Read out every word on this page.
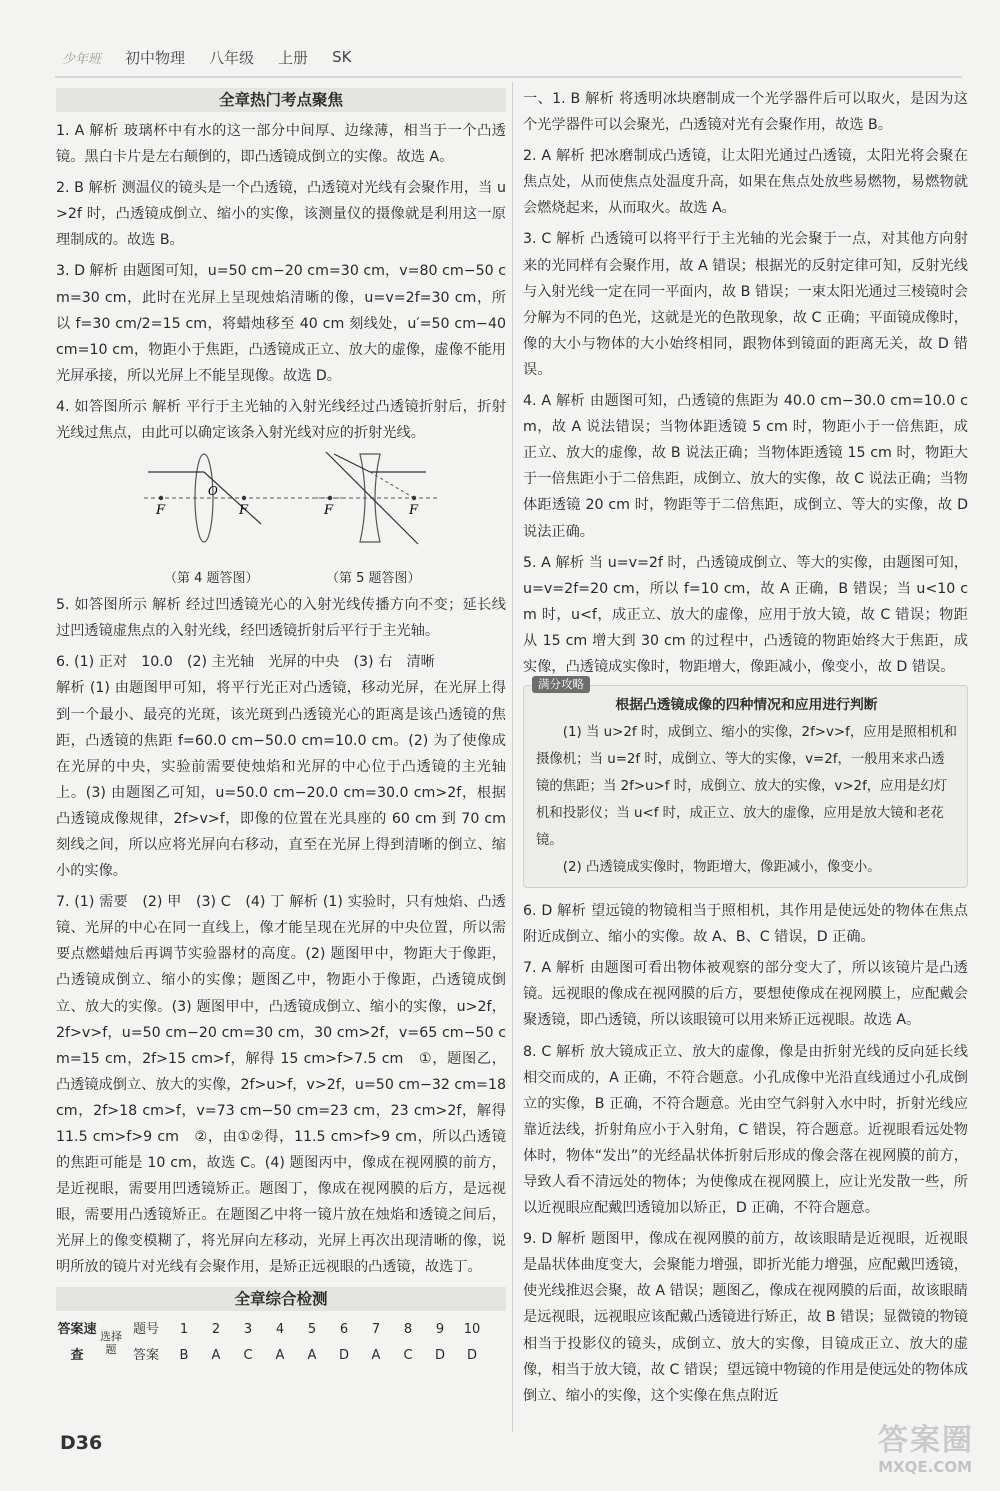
少年班 初中物理 八年级 上册 SK
全章热门考点聚焦

1. A 解析 玻璃杯中有水的这一部分中间厚、边缘薄，相当于一个凸透镜。黑白卡片是左右颠倒的，即凸透镜成倒立的实像。故选 A。

2. B 解析 测温仪的镜头是一个凸透镜，凸透镜对光线有会聚作用，当 u>2f 时，凸透镜成倒立、缩小的实像，该测量仪的摄像就是利用这一原理制成的。故选 B。

3. D 解析 由题图可知，u=50 cm−20 cm=30 cm，v=80 cm−50 cm=30 cm，此时在光屏上呈现烛焰清晰的像，u=v=2f=30 cm，所以 f=30 cm/2=15 cm，将蜡烛移至 40 cm 刻线处，u′=50 cm−40 cm=10 cm，物距小于焦距，凸透镜成正立、放大的虚像，虚像不能用光屏承接，所以光屏上不能呈现像。故选 D。

4. 如答图所示 解析 平行于主光轴的入射光线经过凸透镜折射后，折射光线过焦点，由此可以确定该条入射光线对应的折射光线。

F	F
O
F	F
（第 4 题答图）	（第 5 题答图）

5. 如答图所示 解析 经过凹透镜光心的入射光线传播方向不变；延长线过凹透镜虚焦点的入射光线，经凹透镜折射后平行于主光轴。

6. (1) 正对　10.0　(2) 主光轴　光屏的中央　(3) 右　清晰

解析 (1) 由题图甲可知，将平行光正对凸透镜，移动光屏，在光屏上得到一个最小、最亮的光斑，该光斑到凸透镜光心的距离是该凸透镜的焦距，凸透镜的焦距 f=60.0 cm−50.0 cm=10.0 cm。(2) 为了使像成在光屏的中央，实验前需要使烛焰和光屏的中心位于凸透镜的主光轴上。(3) 由题图乙可知，u=50.0 cm−20.0 cm=30.0 cm>2f，根据凸透镜成像规律，2f>v>f，即像的位置在光具座的 60 cm 到 70 cm 刻线之间，所以应将光屏向右移动，直至在光屏上得到清晰的倒立、缩小的实像。

7. (1) 需要　(2) 甲　(3) C　(4) 丁 解析 (1) 实验时，只有烛焰、凸透镜、光屏的中心在同一直线上，像才能呈现在光屏的中央位置，所以需要点燃蜡烛后再调节实验器材的高度。(2) 题图甲中，物距大于像距，凸透镜成倒立、缩小的实像；题图乙中，物距小于像距，凸透镜成倒立、放大的实像。(3) 题图甲中，凸透镜成倒立、缩小的实像，u>2f，2f>v>f，u=50 cm−20 cm=30 cm，30 cm>2f，v=65 cm−50 cm=15 cm，2f>15 cm>f，解得 15 cm>f>7.5 cm　①，题图乙，凸透镜成倒立、放大的实像，2f>u>f，v>2f，u=50 cm−32 cm=18 cm，2f>18 cm>f，v=73 cm−50 cm=23 cm，23 cm>2f，解得 11.5 cm>f>9 cm　②，由①②得，11.5 cm>f>9 cm，所以凸透镜的焦距可能是 10 cm，故选 C。(4) 题图丙中，像成在视网膜的前方，是近视眼，需要用凹透镜矫正。题图丁，像成在视网膜的后方，是远视眼，需要用凸透镜矫正。在题图乙中将一镜片放在烛焰和透镜之间后，光屏上的像变模糊了，将光屏向左移动，光屏上再次出现清晰的像，说明所放的镜片对光线有会聚作用，是矫正远视眼的凸透镜，故选丁。

全章综合检测
答案速查	选择题	题号	1	2	3	4	5	6	7	8	9	10
		答案	B	A	C	A	A	D	A	C	D	D

一、1. B 解析 将透明冰块磨制成一个光学器件后可以取火，是因为这个光学器件可以会聚光，凸透镜对光有会聚作用，故选 B。

2. A 解析 把冰磨制成凸透镜，让太阳光通过凸透镜，太阳光将会聚在焦点处，从而使焦点处温度升高，如果在焦点处放些易燃物，易燃物就会燃烧起来，从而取火。故选 A。

3. C 解析 凸透镜可以将平行于主光轴的光会聚于一点，对其他方向射来的光同样有会聚作用，故 A 错误；根据光的反射定律可知，反射光线与入射光线一定在同一平面内，故 B 错误；一束太阳光通过三棱镜时会分解为不同的色光，这就是光的色散现象，故 C 正确；平面镜成像时，像的大小与物体的大小始终相同，跟物体到镜面的距离无关，故 D 错误。

4. A 解析 由题图可知，凸透镜的焦距为 40.0 cm−30.0 cm=10.0 cm，故 A 说法错误；当物体距透镜 5 cm 时，物距小于一倍焦距，成正立、放大的虚像，故 B 说法正确；当物体距透镜 15 cm 时，物距大于一倍焦距小于二倍焦距，成倒立、放大的实像，故 C 说法正确；当物体距透镜 20 cm 时，物距等于二倍焦距，成倒立、等大的实像，故 D 说法正确。

5. A 解析 当 u=v=2f 时，凸透镜成倒立、等大的实像，由题图可知，u=v=2f=20 cm，所以 f=10 cm，故 A 正确，B 错误；当 u<10 cm 时，u<f，成正立、放大的虚像，应用于放大镜，故 C 错误；物距从 15 cm 增大到 30 cm 的过程中，凸透镜的物距始终大于焦距，成实像，凸透镜成实像时，物距增大，像距减小，像变小，故 D 错误。

满分攻略
根据凸透镜成像的四种情况和应用进行判断
(1) 当 u>2f 时，成倒立、缩小的实像，2f>v>f，应用是照相机和摄像机；当 u=2f 时，成倒立、等大的实像，v=2f，一般用来求凸透镜的焦距；当 2f>u>f 时，成倒立、放大的实像，v>2f，应用是幻灯机和投影仪；当 u<f 时，成正立、放大的虚像，应用是放大镜和老花镜。
(2) 凸透镜成实像时，物距增大，像距减小，像变小。

6. D 解析 望远镜的物镜相当于照相机，其作用是使远处的物体在焦点附近成倒立、缩小的实像。故 A、B、C 错误，D 正确。

7. A 解析 由题图可看出物体被观察的部分变大了，所以该镜片是凸透镜。远视眼的像成在视网膜的后方，要想使像成在视网膜上，应配戴会聚透镜，即凸透镜，所以该眼镜可以用来矫正远视眼。故选 A。

8. C 解析 放大镜成正立、放大的虚像，像是由折射光线的反向延长线相交而成的，A 正确，不符合题意。小孔成像中光沿直线通过小孔成倒立的实像，B 正确，不符合题意。光由空气斜射入水中时，折射光线应靠近法线，折射角应小于入射角，C 错误，符合题意。近视眼看远处物体时，物体“发出”的光经晶状体折射后形成的像会落在视网膜的前方，导致人看不清远处的物体；为使像成在视网膜上，应让光发散一些，所以近视眼应配戴凹透镜加以矫正，D 正确，不符合题意。

9. D 解析 题图甲，像成在视网膜的前方，故该眼睛是近视眼，近视眼是晶状体曲度变大，会聚能力增强，即折光能力增强，应配戴凹透镜，使光线推迟会聚，故 A 错误；题图乙，像成在视网膜的后面，故该眼睛是远视眼，远视眼应该配戴凸透镜进行矫正，故 B 错误；显微镜的物镜相当于投影仪的镜头，成倒立、放大的实像，目镜成正立、放大的虚像，相当于放大镜，故 C 错误；望远镜中物镜的作用是使远处的物体成倒立、缩小的实像，这个实像在焦点附近

D36	答案圈
MXQE.COM
